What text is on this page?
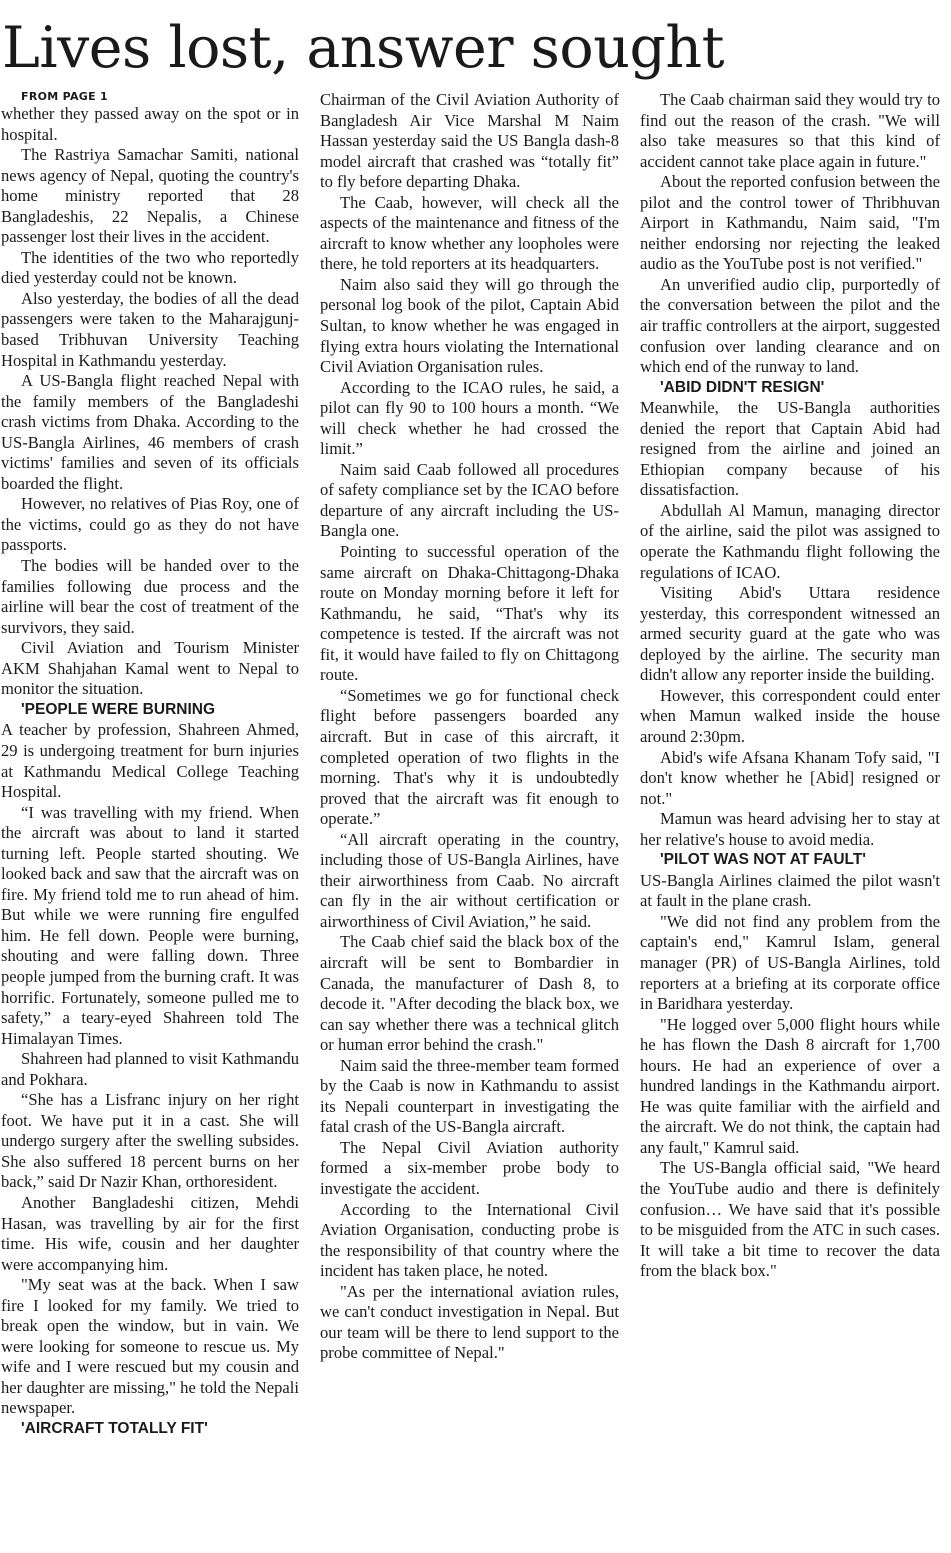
Lives lost, answer sought

FROM PAGE 1

whether they passed away on the spot or in hospital.

The Rastriya Samachar Samiti, national news agency of Nepal, quoting the country's home ministry reported that 28 Bangladeshis, 22 Nepalis, a Chinese passenger lost their lives in the accident.

The identities of the two who reportedly died yesterday could not be known.

Also yesterday, the bodies of all the dead passengers were taken to the Maharajgunj-based Tribhuvan University Teaching Hospital in Kathmandu yesterday.

A US-Bangla flight reached Nepal with the family members of the Bangladeshi crash victims from Dhaka. According to the US-Bangla Airlines, 46 members of crash victims' families and seven of its officials boarded the flight.

However, no relatives of Pias Roy, one of the victims, could go as they do not have passports.

The bodies will be handed over to the families following due process and the airline will bear the cost of treatment of the survivors, they said.

Civil Aviation and Tourism Minister AKM Shahjahan Kamal went to Nepal to monitor the situation.

'PEOPLE WERE BURNING

A teacher by profession, Shahreen Ahmed, 29 is undergoing treatment for burn injuries at Kathmandu Medical College Teaching Hospital.

“I was travelling with my friend. When the aircraft was about to land it started turning left. People started shouting. We looked back and saw that the aircraft was on fire. My friend told me to run ahead of him. But while we were running fire engulfed him. He fell down. People were burning, shouting and were falling down. Three people jumped from the burning craft. It was horrific. Fortunately, someone pulled me to safety,” a teary-eyed Shahreen told The Himalayan Times.

Shahreen had planned to visit Kathmandu and Pokhara.

“She has a Lisfranc injury on her right foot. We have put it in a cast. She will undergo surgery after the swelling subsides. She also suffered 18 percent burns on her back,” said Dr Nazir Khan, orthoresident.

Another Bangladeshi citizen, Mehdi Hasan, was travelling by air for the first time. His wife, cousin and her daughter were accompanying him.

"My seat was at the back. When I saw fire I looked for my family. We tried to break open the window, but in vain. We were looking for someone to rescue us. My wife and I were rescued but my cousin and her daughter are missing," he told the Nepali newspaper.

'AIRCRAFT TOTALLY FIT'

Chairman of the Civil Aviation Authority of Bangladesh Air Vice Marshal M Naim Hassan yesterday said the US Bangla dash-8 model aircraft that crashed was “totally fit” to fly before departing Dhaka.

The Caab, however, will check all the aspects of the maintenance and fitness of the aircraft to know whether any loopholes were there, he told reporters at its headquarters.

Naim also said they will go through the personal log book of the pilot, Captain Abid Sultan, to know whether he was engaged in flying extra hours violating the International Civil Aviation Organisation rules.

According to the ICAO rules, he said, a pilot can fly 90 to 100 hours a month. “We will check whether he had crossed the limit.”

Naim said Caab followed all procedures of safety compliance set by the ICAO before departure of any aircraft including the US-Bangla one.

Pointing to successful operation of the same aircraft on Dhaka-Chittagong-Dhaka route on Monday morning before it left for Kathmandu, he said, “That's why its competence is tested. If the aircraft was not fit, it would have failed to fly on Chittagong route.

“Sometimes we go for functional check flight before passengers boarded any aircraft. But in case of this aircraft, it completed operation of two flights in the morning. That's why it is undoubtedly proved that the aircraft was fit enough to operate.”

“All aircraft operating in the country, including those of US-Bangla Airlines, have their airworthiness from Caab. No aircraft can fly in the air without certification or airworthiness of Civil Aviation,” he said.

The Caab chief said the black box of the aircraft will be sent to Bombardier in Canada, the manufacturer of Dash 8, to decode it. "After decoding the black box, we can say whether there was a technical glitch or human error behind the crash."

Naim said the three-member team formed by the Caab is now in Kathmandu to assist its Nepali counterpart in investigating the fatal crash of the US-Bangla aircraft.

The Nepal Civil Aviation authority formed a six-member probe body to investigate the accident.

According to the International Civil Aviation Organisation, conducting probe is the responsibility of that country where the incident has taken place, he noted.

"As per the international aviation rules, we can't conduct investigation in Nepal. But our team will be there to lend support to the probe committee of Nepal."

The Caab chairman said they would try to find out the reason of the crash. "We will also take measures so that this kind of accident cannot take place again in future."

About the reported confusion between the pilot and the control tower of Thribhuvan Airport in Kathmandu, Naim said, "I'm neither endorsing nor rejecting the leaked audio as the YouTube post is not verified."

An unverified audio clip, purportedly of the conversation between the pilot and the air traffic controllers at the airport, suggested confusion over landing clearance and on which end of the runway to land.

'ABID DIDN'T RESIGN'

Meanwhile, the US-Bangla authorities denied the report that Captain Abid had resigned from the airline and joined an Ethiopian company because of his dissatisfaction.

Abdullah Al Mamun, managing director of the airline, said the pilot was assigned to operate the Kathmandu flight following the regulations of ICAO.

Visiting Abid's Uttara residence yesterday, this correspondent witnessed an armed security guard at the gate who was deployed by the airline. The security man didn't allow any reporter inside the building.

However, this correspondent could enter when Mamun walked inside the house around 2:30pm.

Abid's wife Afsana Khanam Tofy said, "I don't know whether he [Abid] resigned or not."

Mamun was heard advising her to stay at her relative's house to avoid media.

'PILOT WAS NOT AT FAULT'

US-Bangla Airlines claimed the pilot wasn't at fault in the plane crash.

"We did not find any problem from the captain's end," Kamrul Islam, general manager (PR) of US-Bangla Airlines, told reporters at a briefing at its corporate office in Baridhara yesterday.

"He logged over 5,000 flight hours while he has flown the Dash 8 aircraft for 1,700 hours. He had an experience of over a hundred landings in the Kathmandu airport. He was quite familiar with the airfield and the aircraft. We do not think, the captain had any fault," Kamrul said.

The US-Bangla official said, "We heard the YouTube audio and there is definitely confusion… We have said that it's possible to be misguided from the ATC in such cases. It will take a bit time to recover the data from the black box."
